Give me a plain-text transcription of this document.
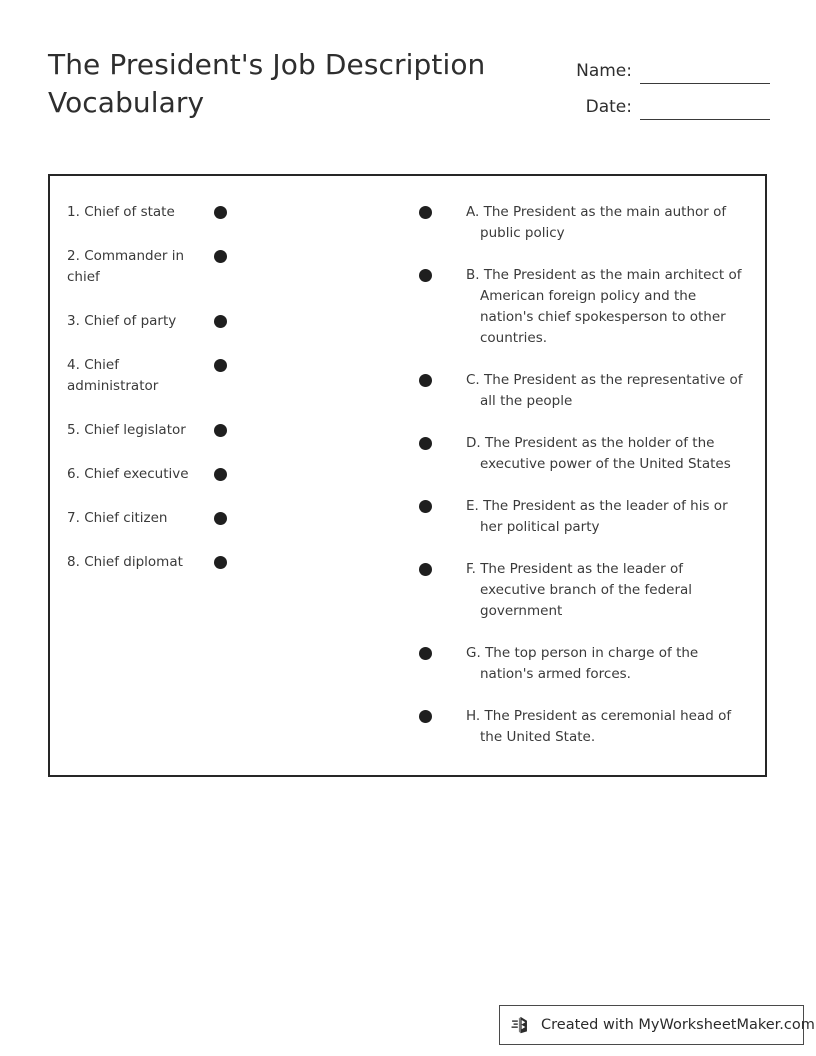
The President's Job Description Vocabulary
Name:
Date:
1. Chief of state
2. Commander in chief
3. Chief of party
4. Chief administrator
5. Chief legislator
6. Chief executive
7. Chief citizen
8. Chief diplomat
A. The President as the main author of public policy
B. The President as the main architect of American foreign policy and the nation's chief spokesperson to other countries.
C. The President as the representative of all the people
D. The President as the holder of the executive power of the United States
E. The President as the leader of his or her political party
F. The President as the leader of executive branch of the federal government
G. The top person in charge of the nation's armed forces.
H. The President as ceremonial head of the United State.
Created with MyWorksheetMaker.com
